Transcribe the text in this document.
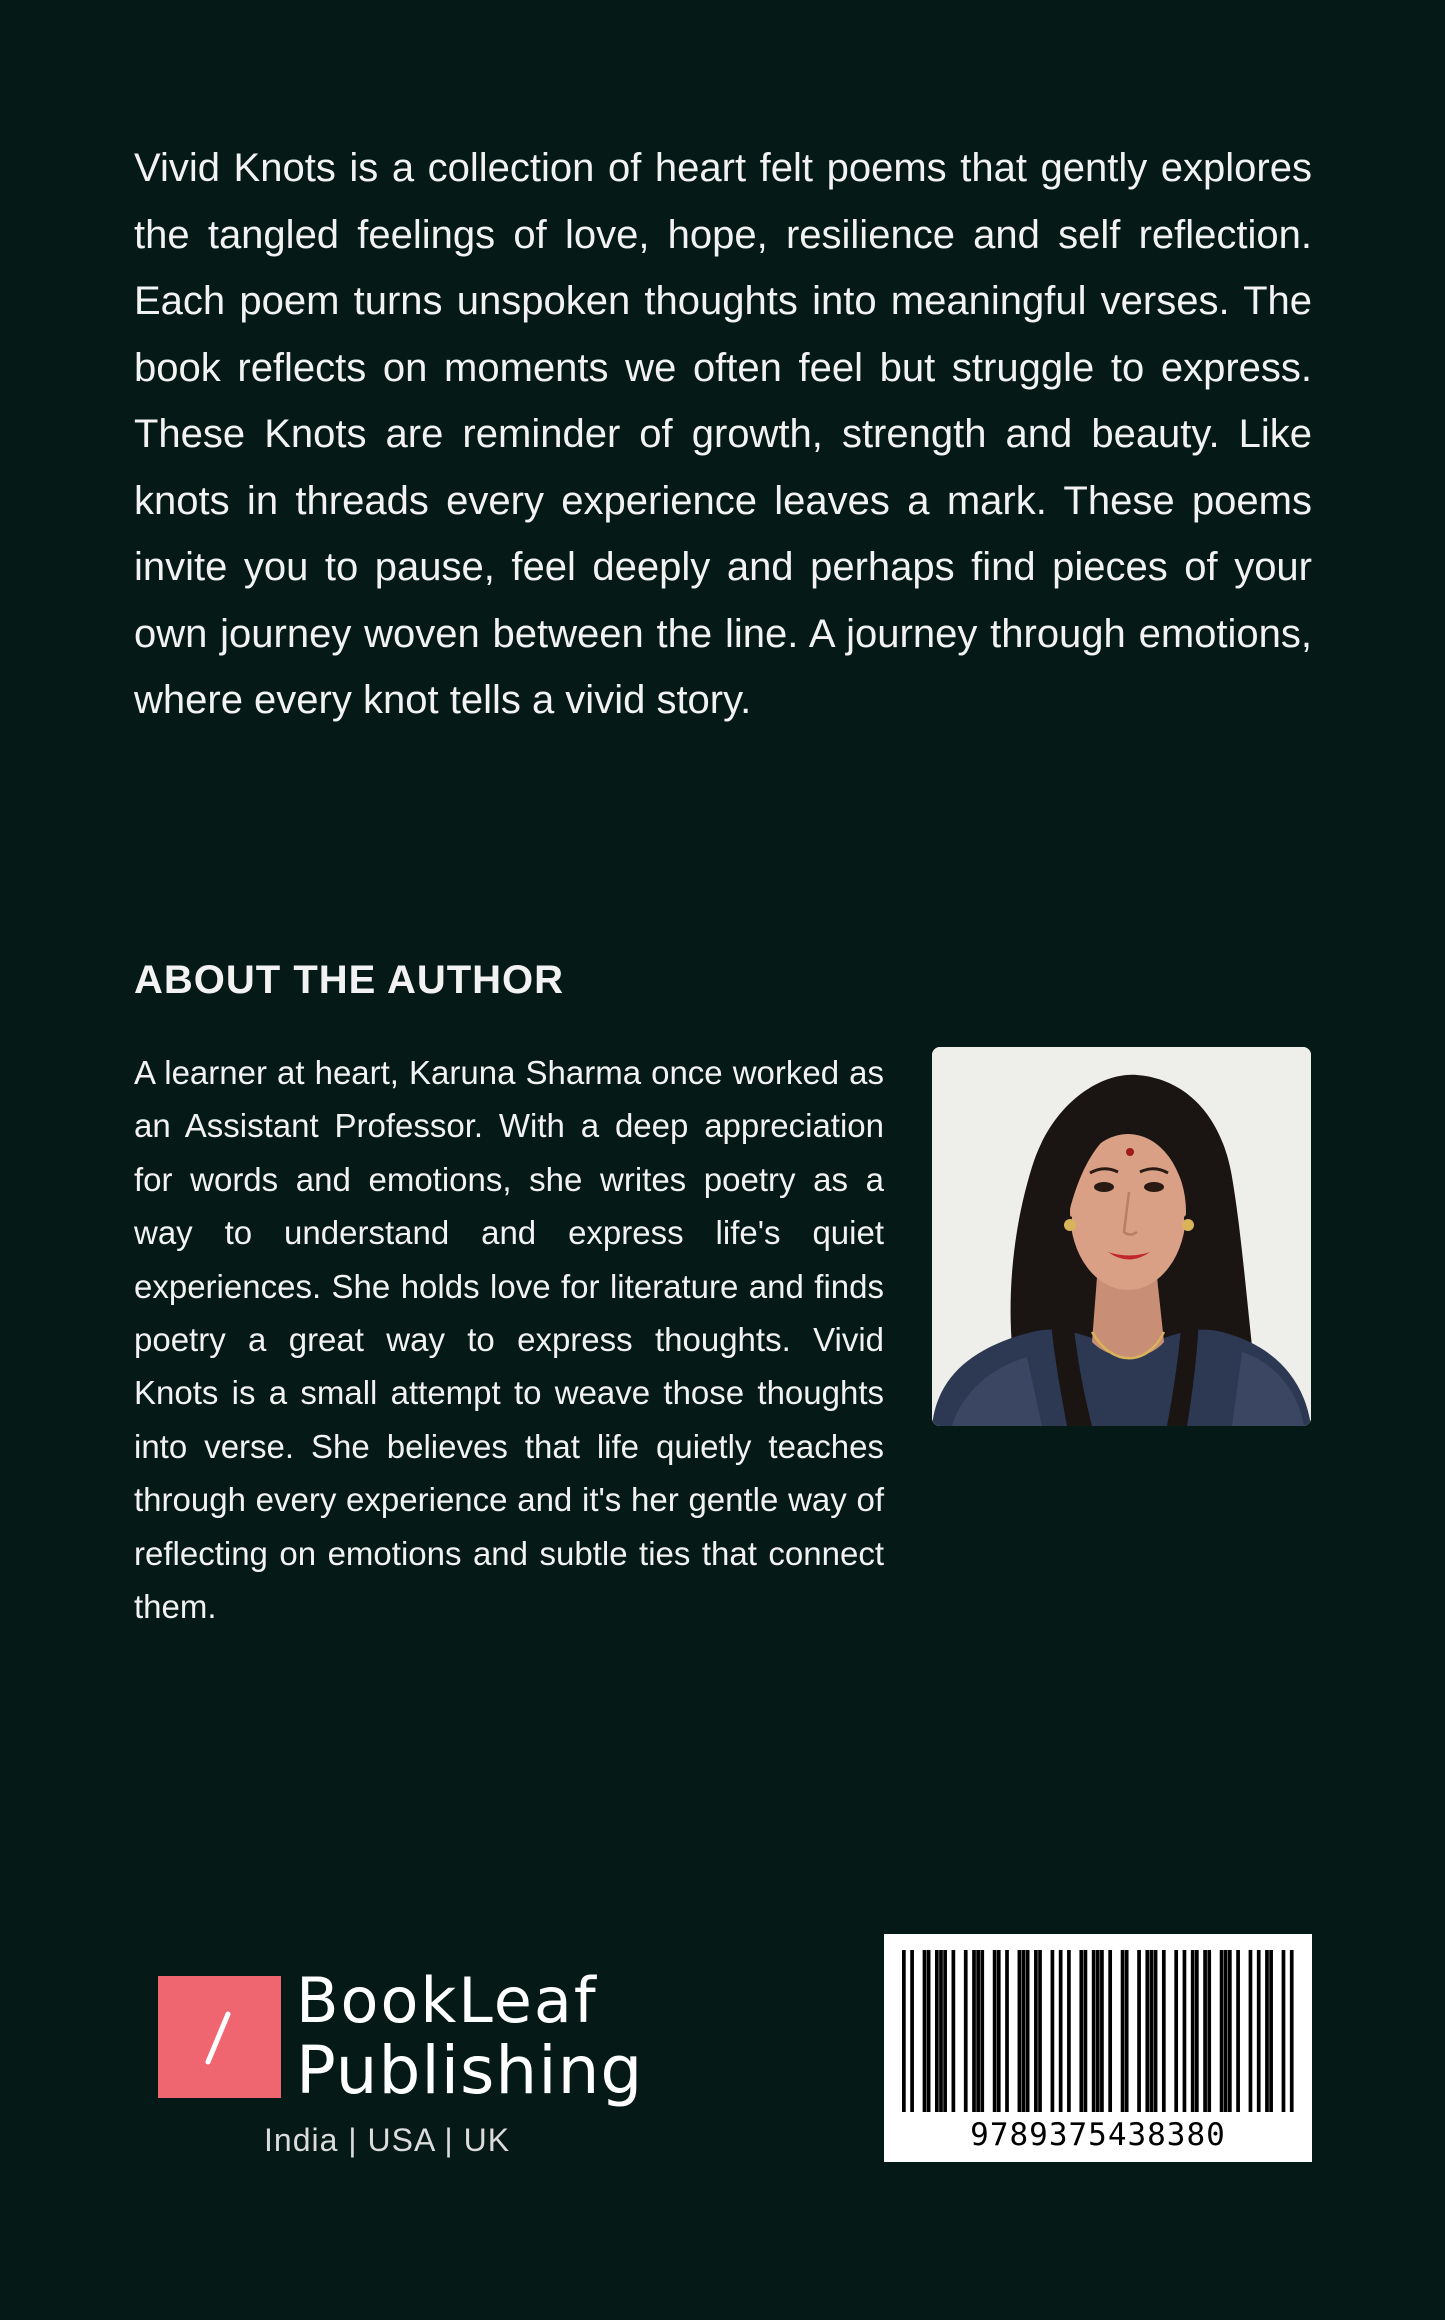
Vivid Knots is a collection of heart felt poems that gently explores the tangled feelings of love, hope, resilience and self reflection. Each poem turns unspoken thoughts into meaningful verses. The book reflects on moments we often feel but struggle to express. These Knots are reminder of growth, strength and beauty. Like knots in threads every experience leaves a mark. These poems invite you to pause, feel deeply and perhaps find pieces of your own journey woven between the line. A journey through emotions, where every knot tells a vivid story.

ABOUT THE AUTHOR

A learner at heart, Karuna Sharma once worked as an Assistant Professor. With a deep appreciation for words and emotions, she writes poetry as a way to understand and express life's quiet experiences. She holds love for literature and finds poetry a great way to express thoughts. Vivid Knots is a small attempt to weave those thoughts into verse. She believes that life quietly teaches through every experience and it's her gentle way of reflecting on emotions and subtle ties that connect them.

BookLeaf

Publishing

India | USA | UK	9789375438380
